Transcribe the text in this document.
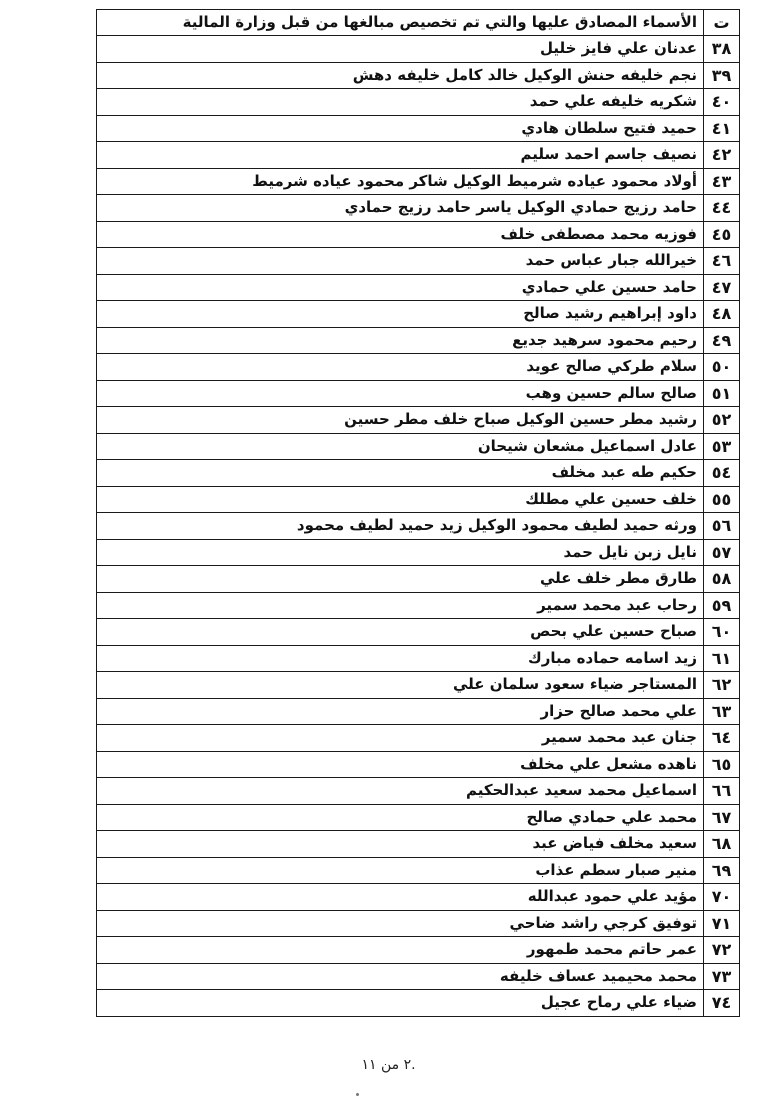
ت	الأسماء المصادق عليها والتي تم تخصيص مبالغها من قبل وزارة المالية
٣٨	عدنان علي فايز خليل
٣٩	نجم خليفه حنش الوكيل خالد كامل خليفه دهش
٤٠	شكريه خليفه علي حمد
٤١	حميد فتيح سلطان هادي
٤٢	نصيف جاسم احمد سليم
٤٣	أولاد محمود عياده شرميط الوكيل شاكر محمود عياده شرميط
٤٤	حامد رزيج حمادي الوكيل ياسر حامد رزيج حمادي
٤٥	فوزيه محمد مصطفى خلف
٤٦	خيرالله جبار عباس حمد
٤٧	حامد حسين علي حمادي
٤٨	داود إبراهيم رشيد صالح
٤٩	رحيم محمود سرهيد جديع
٥٠	سلام طركي صالح عويد
٥١	صالح سالم حسين وهب
٥٢	رشيد مطر حسين الوكيل صباح خلف مطر حسين
٥٣	عادل اسماعيل مشعان شيحان
٥٤	حكيم طه عبد مخلف
٥٥	خلف حسين علي مطلك
٥٦	ورثه حميد لطيف محمود الوكيل زيد حميد لطيف محمود
٥٧	نايل زبن نايل حمد
٥٨	طارق مطر خلف علي
٥٩	رحاب عبد محمد سمير
٦٠	صباح حسين علي بحص
٦١	زيد اسامه حماده مبارك
٦٢	المستاجر ضياء سعود سلمان علي
٦٣	علي محمد صالح حزار
٦٤	جنان عبد محمد سمير
٦٥	ناهده مشعل علي مخلف
٦٦	اسماعيل محمد سعيد عبدالحكيم
٦٧	محمد علي حمادي صالح
٦٨	سعيد مخلف فياض عبد
٦٩	منير صبار سطم عذاب
٧٠	مؤيد علي حمود عبدالله
٧١	توفيق كرجي راشد ضاحي
٧٢	عمر حاتم محمد طمهور
٧٣	محمد محيميد عساف خليفه
٧٤	ضياء علي رماح عجيل
.٢ من ١١
